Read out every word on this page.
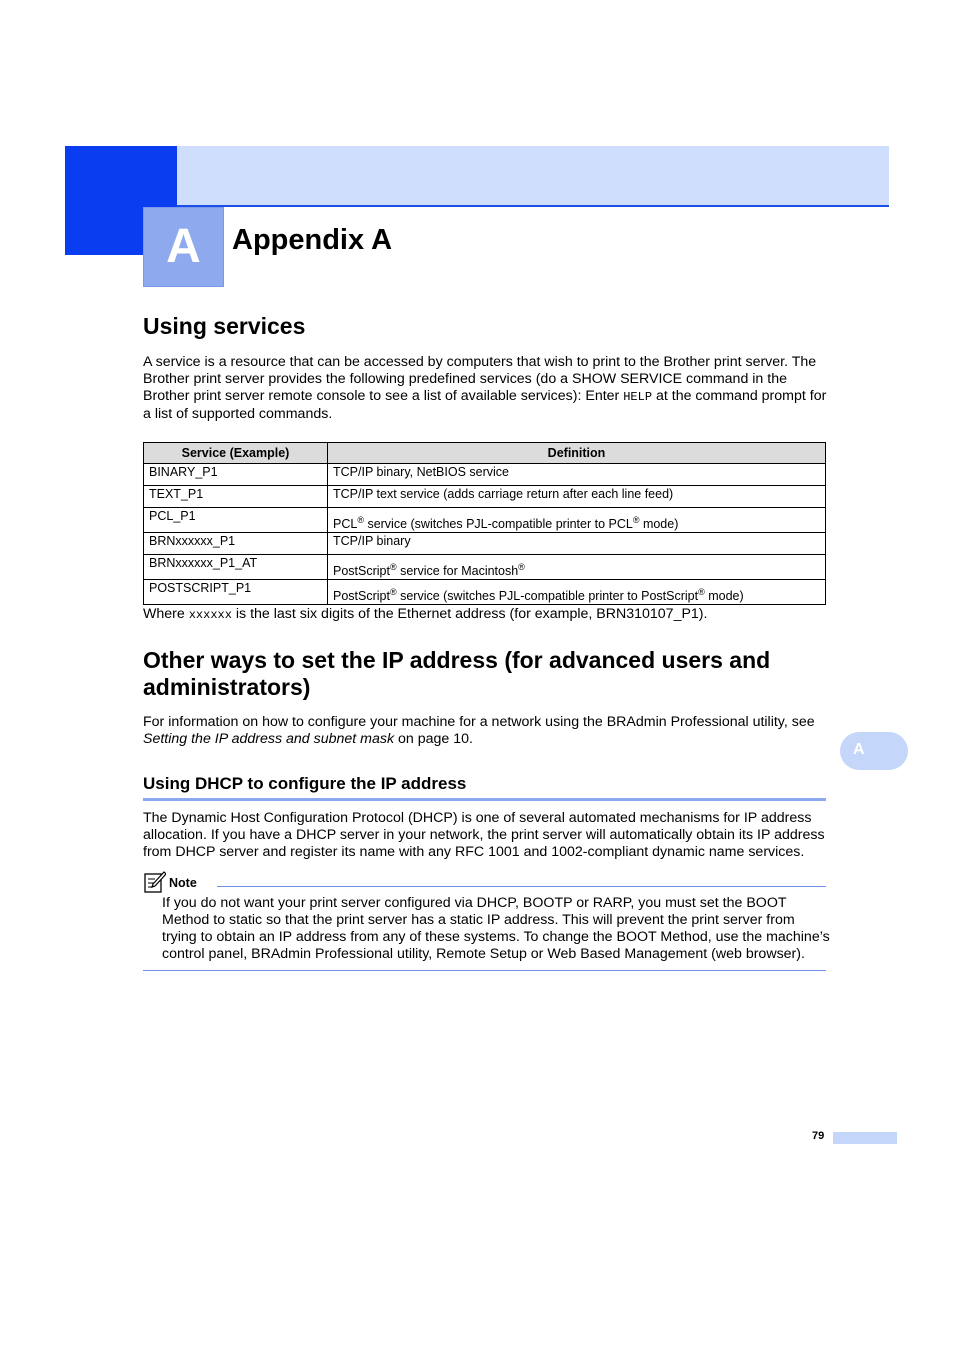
A	Appendix A
Using services

A service is a resource that can be accessed by computers that wish to print to the Brother print server. The Brother print server provides the following predefined services (do a SHOW SERVICE command in the Brother print server remote console to see a list of available services): Enter HELP at the command prompt for a list of supported commands.

Service (Example)	Definition
BINARY_P1	TCP/IP binary, NetBIOS service
TEXT_P1	TCP/IP text service (adds carriage return after each line feed)
PCL_P1	PCL® service (switches PJL-compatible printer to PCL® mode)
BRNxxxxxx_P1	TCP/IP binary
BRNxxxxxx_P1_AT	PostScript® service for Macintosh®
POSTSCRIPT_P1	PostScript® service (switches PJL-compatible printer to PostScript® mode)

Where xxxxxx is the last six digits of the Ethernet address (for example, BRN310107_P1).

Other ways to set the IP address (for advanced users and
administrators)

For information on how to configure your machine for a network using the BRAdmin Professional utility, see Setting the IP address and subnet mask on page 10.

A
Using DHCP to configure the IP address

The Dynamic Host Configuration Protocol (DHCP) is one of several automated mechanisms for IP address allocation. If you have a DHCP server in your network, the print server will automatically obtain its IP address from DHCP server and register its name with any RFC 1001 and 1002-compliant dynamic name services.

Note

If you do not want your print server configured via DHCP, BOOTP or RARP, you must set the BOOT Method to static so that the print server has a static IP address. This will prevent the print server from trying to obtain an IP address from any of these systems. To change the BOOT Method, use the machine’s control panel, BRAdmin Professional utility, Remote Setup or Web Based Management (web browser).

79
